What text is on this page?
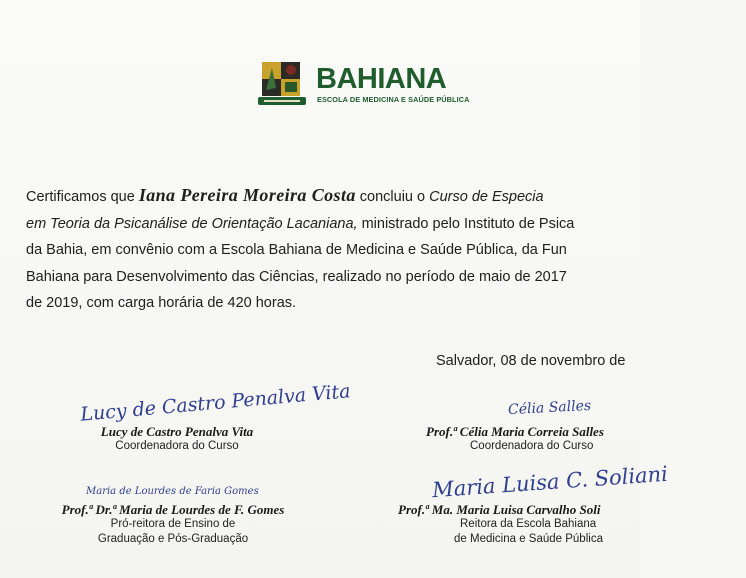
BAHIANA
ESCOLA DE MEDICINA E SAÚDE PÚBLICA
Certificamos que Iana Pereira Moreira Costa concluiu o Curso de Especia
em Teoria da Psicanálise de Orientação Lacaniana, ministrado pelo Instituto de Psica
da Bahia, em convênio com a Escola Bahiana de Medicina e Saúde Pública, da Fun
Bahiana para Desenvolvimento das Ciências, realizado no período de maio de 2017
de 2019, com carga horária de 420 horas.
Salvador, 08 de novembro de
Lucy de Castro Penalva Vita
Lucy de Castro Penalva Vita
Coordenadora do Curso
Célia Salles
Prof.ª Célia Maria Correia Salles
Coordenadora do Curso
Maria de Lourdes de Faria Gomes
Prof.ª Dr.ª Maria de Lourdes de F. Gomes
Pró-reitora de Ensino de
Graduação e Pós-Graduação
Maria Luisa C. Soliani
Prof.ª Ma. Maria Luisa Carvalho Soli
Reitora da Escola Bahiana
de Medicina e Saúde Pública
